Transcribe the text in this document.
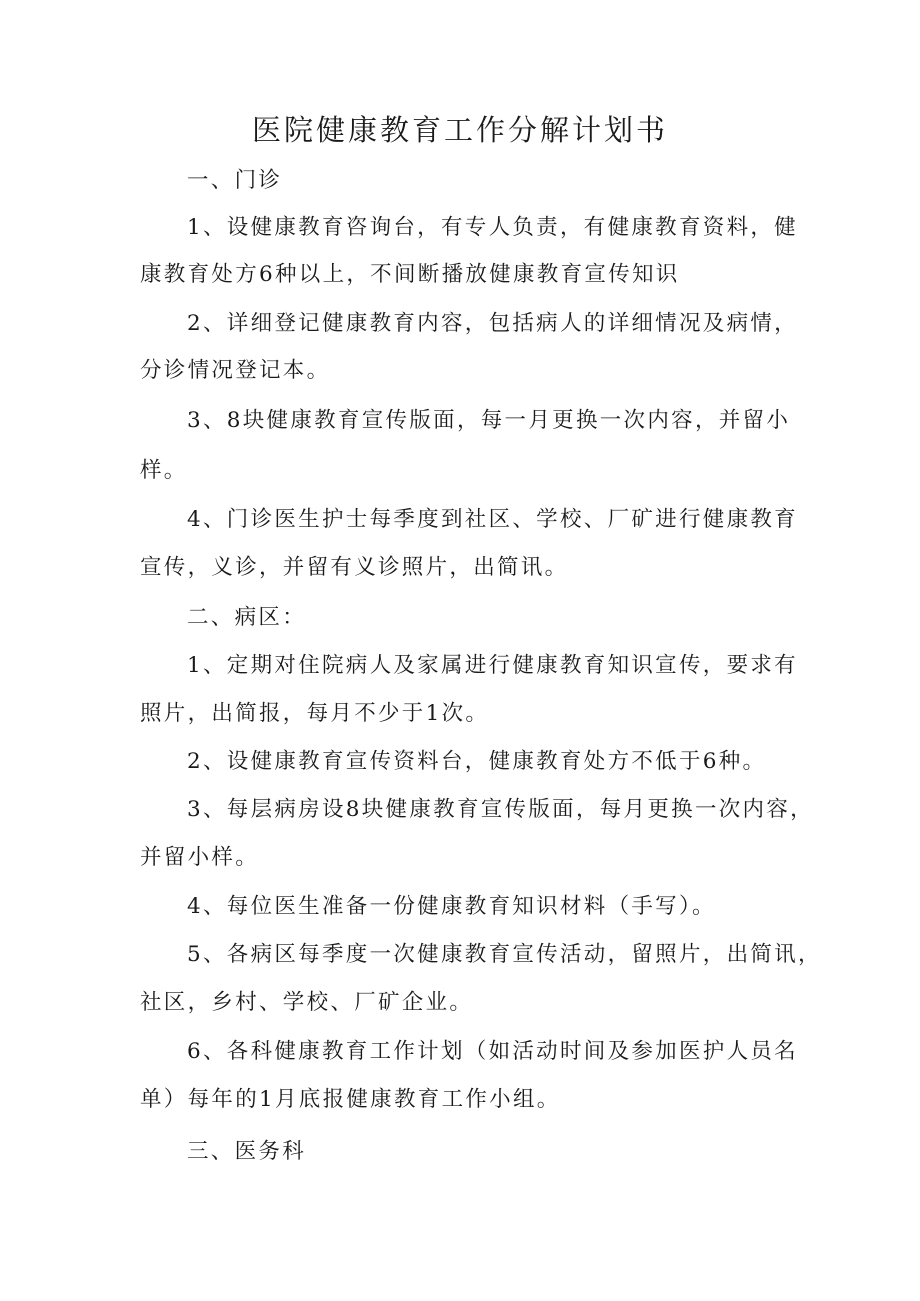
医院健康教育工作分解计划书
一、门诊
1、设健康教育咨询台，有专人负责，有健康教育资料，健
康教育处方6种以上，不间断播放健康教育宣传知识
2、详细登记健康教育内容，包括病人的详细情况及病情，
分诊情况登记本。
3、8块健康教育宣传版面，每一月更换一次内容，并留小
样。
4、门诊医生护士每季度到社区、学校、厂矿进行健康教育
宣传，义诊，并留有义诊照片，出简讯。
二、病区：
1、定期对住院病人及家属进行健康教育知识宣传，要求有
照片，出简报，每月不少于1次。
2、设健康教育宣传资料台，健康教育处方不低于6种。
3、每层病房设8块健康教育宣传版面，每月更换一次内容，
并留小样。
4、每位医生准备一份健康教育知识材料（手写）。
5、各病区每季度一次健康教育宣传活动，留照片，出简讯，
社区，乡村、学校、厂矿企业。
6、各科健康教育工作计划（如活动时间及参加医护人员名
单）每年的1月底报健康教育工作小组。
三、医务科
